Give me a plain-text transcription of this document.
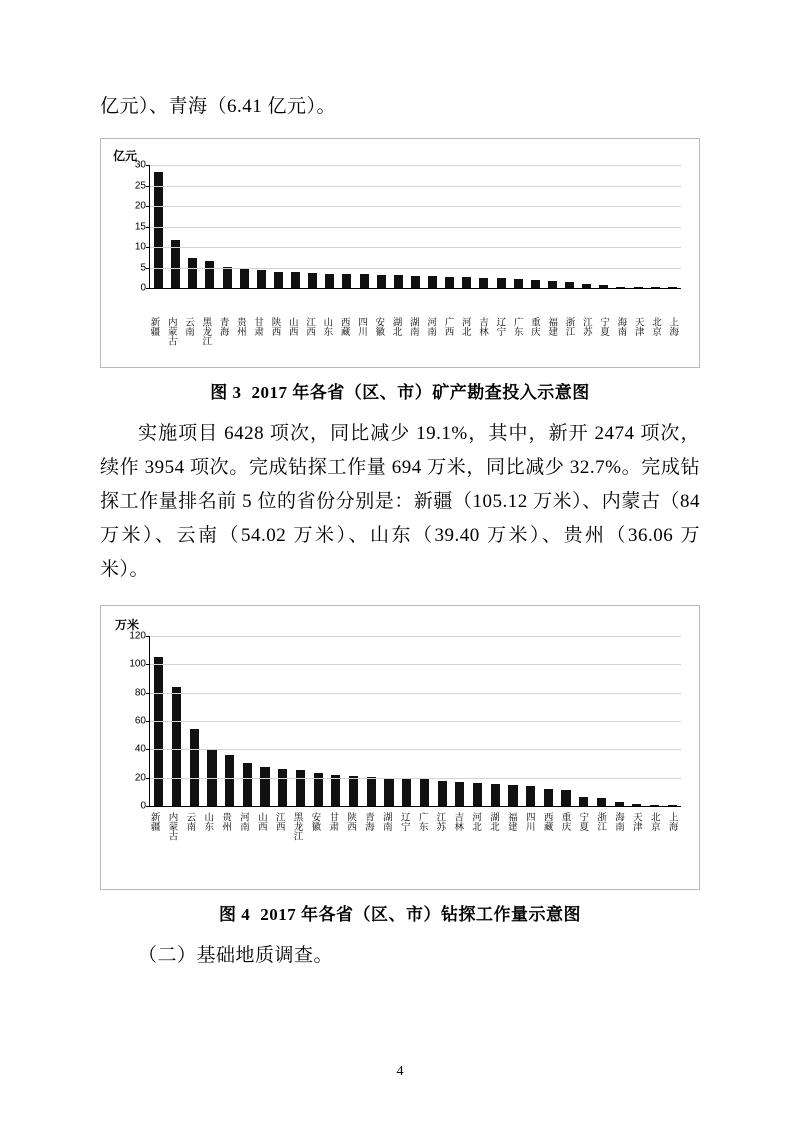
亿元）、青海（6.41 亿元）。

亿元
0
5
10
15
20
25
30
新疆 内蒙古 云南 黑龙江 青海 贵州 甘肃 陕西 山西 江西 山东 西藏 四川 安徽 湖北 湖南 河南 广西 河北 吉林 辽宁 广东 重庆 福建 浙江 江苏 宁夏 海南 天津 北京 上海
图 3 2017 年各省（区、市）矿产勘查投入示意图

实施项目 6428 项次，同比减少 19.1%，其中，新开 2474 项次，续作 3954 项次。完成钻探工作量 694 万米，同比减少 32.7%。完成钻探工作量排名前 5 位的省份分别是：新疆（105.12 万米）、内蒙古（84 万米）、云南（54.02 万米）、山东（39.40 万米）、贵州（36.06 万米）。

万米
0
20
40
60
80
100
120
新疆 内蒙古 云南 山东 贵州 河南 山西 江西 黑龙江 安徽 甘肃 陕西 青海 湖南 辽宁 广东 江苏 吉林 河北 湖北 福建 四川 西藏 重庆 宁夏 浙江 海南 天津 北京 上海
图 4 2017 年各省（区、市）钻探工作量示意图

（二）基础地质调查。

4
